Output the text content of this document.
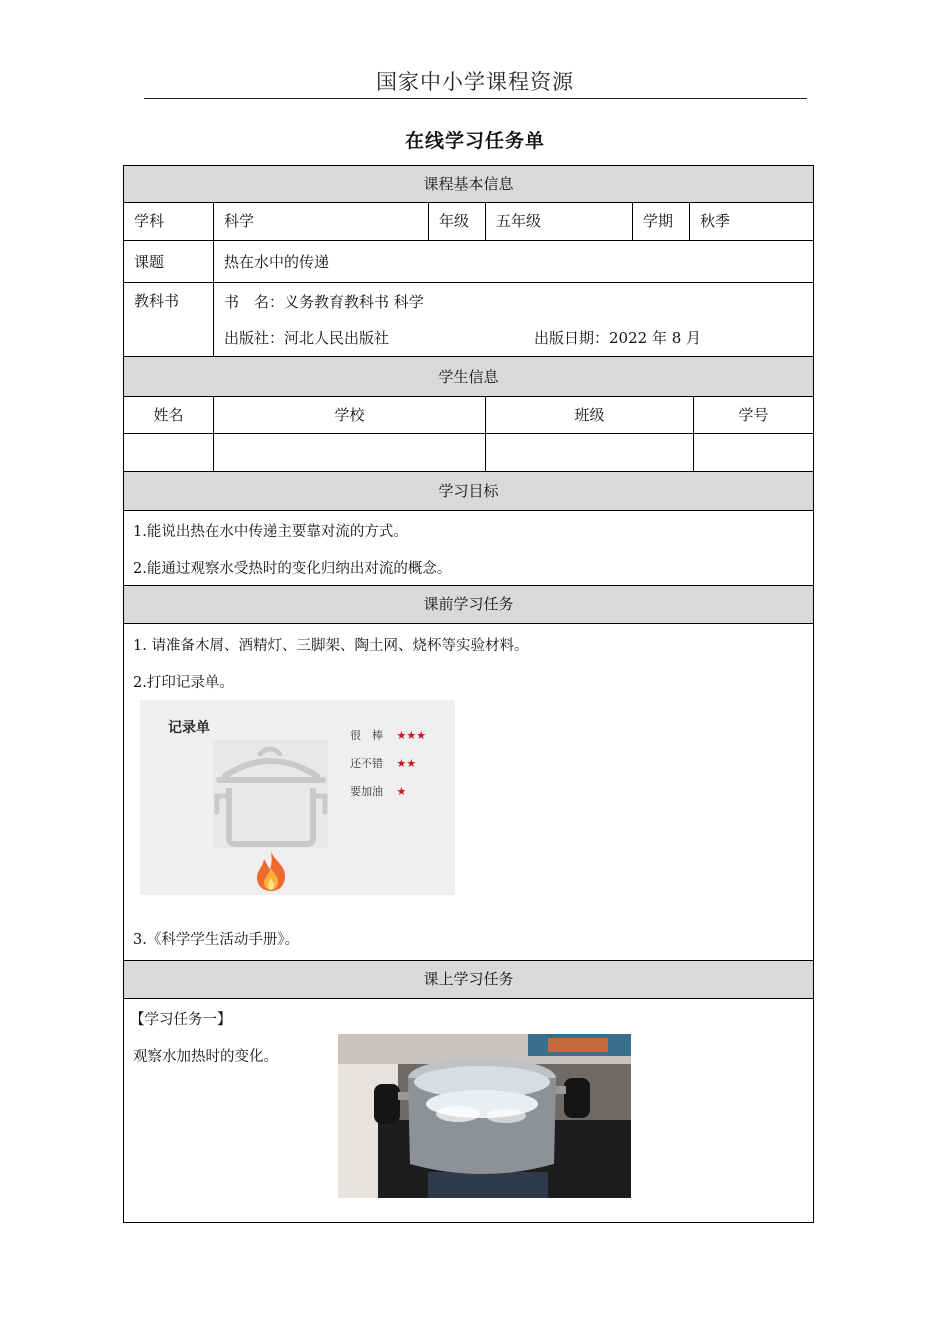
国家中小学课程资源
在线学习任务单
课程基本信息
学科	科学	年级	五年级	学期	秋季
课题	热在水中的传递
教科书	书　名：义务教育教科书 科学
出版社：河北人民出版社	出版日期：2022 年 8 月
学生信息
姓名	学校	班级	学号
学习目标
1.能说出热在水中传递主要靠对流的方式。
2.能通过观察水受热时的变化归纳出对流的概念。
课前学习任务
1. 请准备木屑、酒精灯、三脚架、陶土网、烧杯等实验材料。
2.打印记录单。
记录单	很　棒 ★★★
还不错 ★★
要加油 ★
3.《科学学生活动手册》。
课上学习任务
【学习任务一】
观察水加热时的变化。
